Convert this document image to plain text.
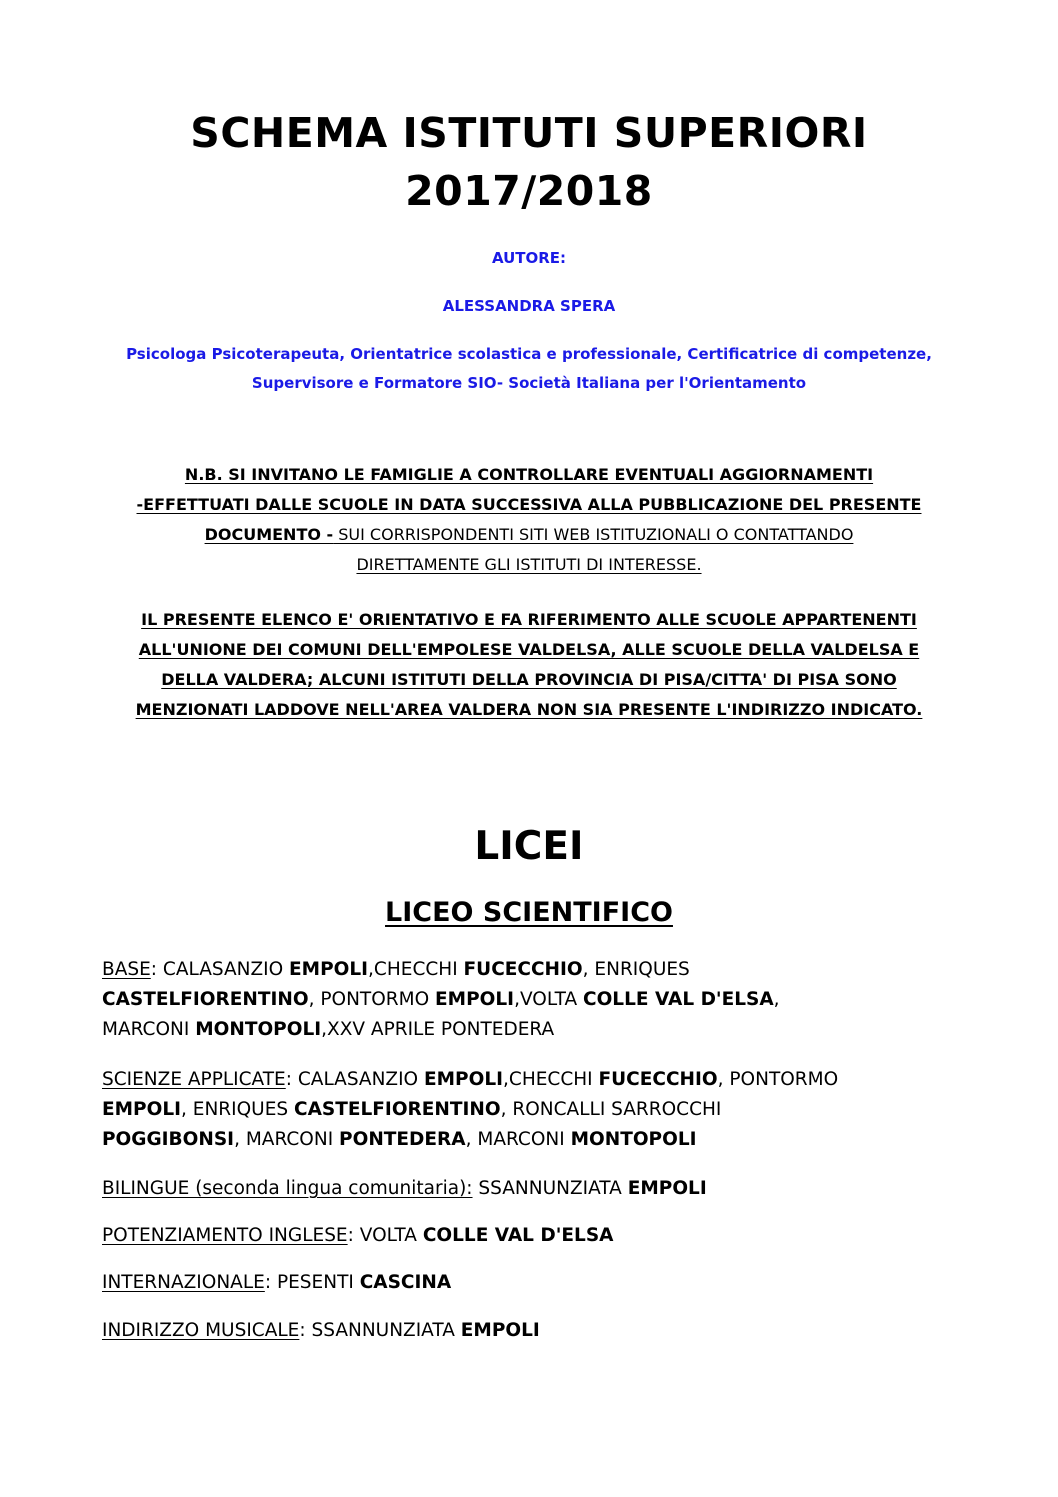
SCHEMA ISTITUTI SUPERIORI
2017/2018
AUTORE:
ALESSANDRA SPERA
Psicologa Psicoterapeuta, Orientatrice scolastica e professionale, Certificatrice di competenze,
Supervisore e Formatore SIO- Società Italiana per l'Orientamento
N.B. SI INVITANO LE FAMIGLIE A CONTROLLARE EVENTUALI AGGIORNAMENTI
-EFFETTUATI DALLE SCUOLE IN DATA SUCCESSIVA ALLA PUBBLICAZIONE DEL PRESENTE
DOCUMENTO - SUI CORRISPONDENTI SITI WEB ISTITUZIONALI O CONTATTANDO
DIRETTAMENTE GLI ISTITUTI DI INTERESSE.
IL PRESENTE ELENCO E' ORIENTATIVO E FA RIFERIMENTO ALLE SCUOLE APPARTENENTI
ALL'UNIONE DEI COMUNI DELL'EMPOLESE VALDELSA, ALLE SCUOLE DELLA VALDELSA E
DELLA VALDERA; ALCUNI ISTITUTI DELLA PROVINCIA DI PISA/CITTA' DI PISA SONO
MENZIONATI LADDOVE NELL'AREA VALDERA NON SIA PRESENTE L'INDIRIZZO INDICATO.
LICEI
LICEO SCIENTIFICO

BASE: CALASANZIO EMPOLI,CHECCHI FUCECCHIO, ENRIQUES

CASTELFIORENTINO, PONTORMO EMPOLI,VOLTA COLLE VAL D'ELSA,

MARCONI MONTOPOLI,XXV APRILE PONTEDERA

SCIENZE APPLICATE: CALASANZIO EMPOLI,CHECCHI FUCECCHIO, PONTORMO

EMPOLI, ENRIQUES CASTELFIORENTINO, RONCALLI SARROCCHI

POGGIBONSI, MARCONI PONTEDERA, MARCONI MONTOPOLI

BILINGUE (seconda lingua comunitaria): SSANNUNZIATA EMPOLI

POTENZIAMENTO INGLESE: VOLTA COLLE VAL D'ELSA

INTERNAZIONALE: PESENTI CASCINA

INDIRIZZO MUSICALE: SSANNUNZIATA EMPOLI
